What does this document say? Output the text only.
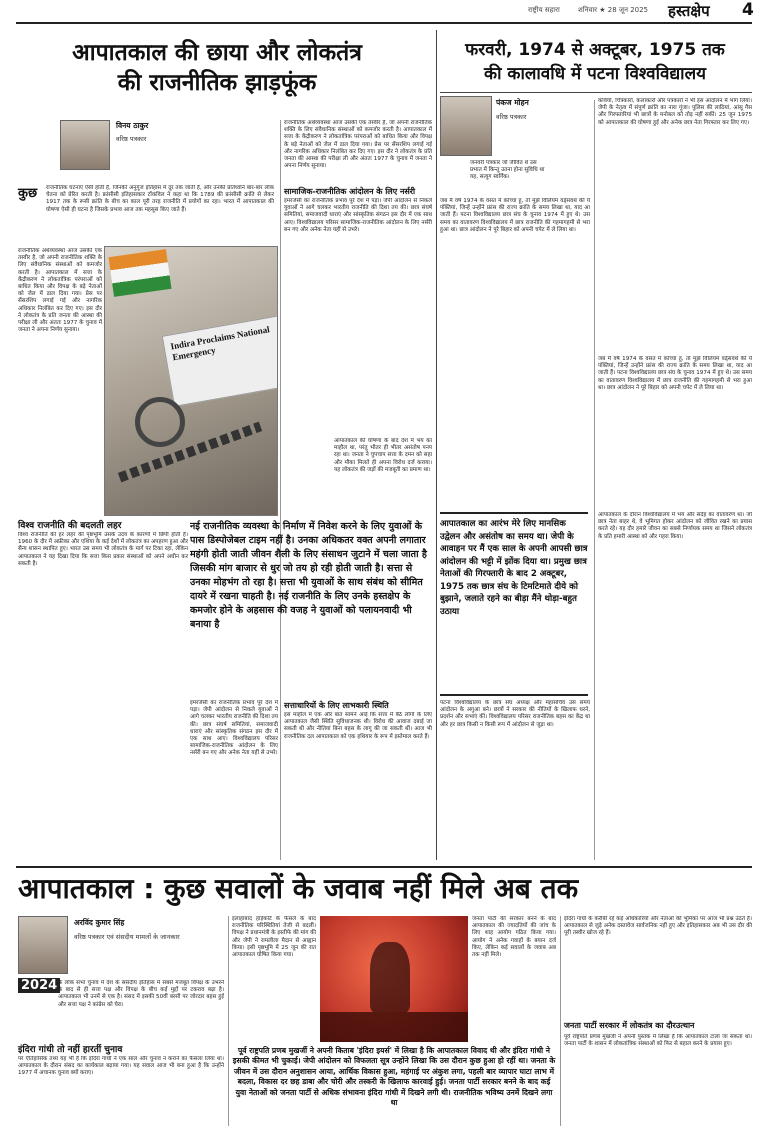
राष्ट्रीय सहारा	शनिवार ★ 28 जून 2025 हस्तक्षेप 4
आपातकाल की छाया और लोकतंत्र
की राजनीतिक झाड़फूंक
विनय ठाकुर
वरिष्ठ पत्रकार
कुछ राजनीतिक घटनाएं ऐसी होती हैं, जिनकी अनुगूंज इतिहास में दूर तक जाती है, और उनकी प्रतिध्वनि बार-बार लोक चेतना को प्रेरित करती है। फ्रांसीसी इतिहासकार टॉकविल ने कहा था कि 1789 की फ्रांसीसी क्रांति से लेकर 1917 तक के रूसी क्रांति के बीच का काल पूरी तरह राजनीति में प्रयोगों का रहा। भारत में आपातकाल की घोषणा ऐसी ही घटना है जिसके प्रभाव आज तक महसूस किए जाते हैं।
राजनीतिक अर्थव्यवस्था आज उसकी एक तस्वीर है, जो अपनी राजनीतिक शक्ति के लिए संवैधानिक संस्थाओं को कमजोर करती है। आपातकाल में सत्ता के केंद्रीकरण ने लोकतांत्रिक परंपराओं को बाधित किया और विपक्ष के बड़े नेताओं को जेल में डाल दिया गया। प्रेस पर सेंसरशिप लगाई गई और नागरिक अधिकार निलंबित कर दिए गए। इस दौर ने लोकतंत्र के प्रति जनता की आस्था की परीक्षा ली और अंततः 1977 के चुनाव में जनता ने अपना निर्णय सुनाया।
विश्व राजनीति की बदलती लहर
विश्व राजनीति की हर लहर की पृष्ठभूमि उसके उदय के कारणों में छिपी होती है। 1960 के दौर में अफ्रीका और एशिया के कई देशों में लोकतंत्र का अपहरण हुआ और सैन्य शासन स्थापित हुए। भारत उस समय भी लोकतंत्र के मार्ग पर टिका रहा, लेकिन आपातकाल ने यह दिखा दिया कि सत्ता किस प्रकार संस्थाओं को अपने अधीन कर सकती है।
Indira Proclaims National Emergency
राजनीतिक अर्थव्यवस्था आज उसकी एक तस्वीर है, जो अपनी राजनीतिक शक्ति के लिए संवैधानिक संस्थाओं को कमजोर करती है। आपातकाल में सत्ता के केंद्रीकरण ने लोकतांत्रिक परंपराओं को बाधित किया और विपक्ष के बड़े नेताओं को जेल में डाल दिया गया। प्रेस पर सेंसरशिप लगाई गई और नागरिक अधिकार निलंबित कर दिए गए। इस दौर ने लोकतंत्र के प्रति जनता की आस्था की परीक्षा ली और अंततः 1977 के चुनाव में जनता ने अपना निर्णय सुनाया।
सामाजिक-राजनीतिक आंदोलन के लिए नर्सरी
इमरजेंसी का राजनीतिक प्रभाव पूरे देश में पड़ा। जेपी आंदोलन से निकले युवाओं ने आगे चलकर भारतीय राजनीति की दिशा तय की। छात्र संघर्ष समितियां, समाजवादी धाराएं और सांस्कृतिक संगठन इस दौर में एक साथ आए। विश्वविद्यालय परिसर सामाजिक-राजनीतिक आंदोलन के लिए नर्सरी बन गए और अनेक नेता यहीं से उभरे।
नई राजनीतिक व्यवस्था के निर्माण में निवेश करने के लिए युवाओं के पास डिस्पोजेबल टाइम नहीं है। उनका अधिकतर वक्त अपनी लगातार महंगी होती जाती जीवन शैली के लिए संसाधन जुटाने में चला जाता है जिसकी मांग बाजार से धुर जो तय हो रही होती जाती है। सत्ता से उनका मोहभंग तो रहा है। सत्ता भी युवाओं के साथ संबंध को सीमित दायरे में रखना चाहती है। नई राजनीति के लिए उनके हस्तक्षेप के कमजोर होने के अहसास की वजह ने युवाओं को पलायनवादी भी बनाया है
आपातकाल की घोषणा के बाद देश में भय का माहौल था, परंतु भीतर ही भीतर असंतोष पनप रहा था। जनता ने चुपचाप सत्ता के दमन को सहा और मौका मिलते ही अपना विरोध दर्ज कराया। यह लोकतंत्र की जड़ों की मजबूती का प्रमाण था।
सत्ताधारियों के लिए लाभकारी स्थिति
इस माहौल में एक और बात सामने आई कि सत्ता में बैठे लोगों के लिए आपातकाल जैसी स्थिति सुविधाजनक थी। विरोध की आवाज दबाई जा सकती थी और नीतियां बिना बहस के लागू की जा सकती थीं। आज भी राजनीतिक दल आपातकाल को एक हथियार के रूप में इस्तेमाल करते हैं।
इमरजेंसी का राजनीतिक प्रभाव पूरे देश में पड़ा। जेपी आंदोलन से निकले युवाओं ने आगे चलकर भारतीय राजनीति की दिशा तय की। छात्र संघर्ष समितियां, समाजवादी धाराएं और सांस्कृतिक संगठन इस दौर में एक साथ आए। विश्वविद्यालय परिसर सामाजिक-राजनीतिक आंदोलन के लिए नर्सरी बन गए और अनेक नेता यहीं से उभरे।
फरवरी, 1974 से अक्टूबर, 1975 तक
की कालावधि में पटना विश्वविद्यालय
पंकज मोहन
वरिष्ठ पत्रकार
जनवरी पत्रकार जो जीवित थे उस प्रभात में किन्तु उतना होना सुविधि था यह, सत्युग स्वर्गिक।
जब मैं वर्ष 1974 के वसंत में कोच्चा हूं, तो मुझे विलियम वर्ड्सवर्थ की ये पंक्तियां, जिन्हें उन्होंने फ्रांस की राज्य क्रांति के समय लिखा था, याद आ जाती हैं। पटना विश्वविद्यालय छात्र संघ के चुनाव 1974 में हुए थे। उस समय का वातावरण विश्वविद्यालय में छात्र राजनीति की गहमागहमी से भरा हुआ था। छात्र आंदोलन ने पूरे बिहार को अपनी चपेट में ले लिया था।
कवियों, चित्रकारों, कलाकारों और पत्रकारों ने भी इस आंदोलन में भाग लिया। जेपी के नेतृत्व में संपूर्ण क्रांति का नारा गूंजा। पुलिस की लाठियां, आंसू गैस और गिरफ्तारियां भी छात्रों के मनोबल को तोड़ नहीं सकीं। 25 जून 1975 को आपातकाल की घोषणा हुई और अनेक छात्र नेता गिरफ्तार कर लिए गए।
जब मैं वर्ष 1974 के वसंत में कोच्चा हूं, तो मुझे विलियम वर्ड्सवर्थ की ये पंक्तियां, जिन्हें उन्होंने फ्रांस की राज्य क्रांति के समय लिखा था, याद आ जाती हैं। पटना विश्वविद्यालय छात्र संघ के चुनाव 1974 में हुए थे। उस समय का वातावरण विश्वविद्यालय में छात्र राजनीति की गहमागहमी से भरा हुआ था। छात्र आंदोलन ने पूरे बिहार को अपनी चपेट में ले लिया था।
आपातकाल का आरंभ मेरे लिए मानसिक उद्वेलन और असंतोष का समय था। जेपी के आवाहन पर मैं एक साल के अपनी आपसी छात्र आंदोलन की भट्टी में झोंक दिया था। प्रमुख छात्र नेताओं की गिरफ्तारी के बाद 2 अक्टूबर, 1975 तक छात्र संघ के टिमटिमाते दीये को बुझाने, जलाते रहने का बीड़ा मैंने थोड़ा-बहुत उठाया
पटना विश्वविद्यालय के छात्र संघ अध्यक्ष और महासचिव उस समय आंदोलन के अगुआ बने। छात्रों ने सरकार की नीतियों के खिलाफ धरने, प्रदर्शन और सभाएं कीं। विश्वविद्यालय परिसर राजनीतिक बहस का केंद्र था और हर छात्र किसी न किसी रूप में आंदोलन से जुड़ा था।
आपातकाल के दौरान विश्वविद्यालय में भय और संदेह का वातावरण था। जो छात्र नेता बाहर थे, वे भूमिगत होकर आंदोलन को जीवित रखने का प्रयास करते रहे। यह दौर हमारे जीवन का सबसे निर्णायक समय था जिसने लोकतंत्र के प्रति हमारी आस्था को और गहरा किया।
आपातकाल : कुछ सवालों के जवाब नहीं मिले अब तक
अरविंद कुमार सिंह
वरिष्ठ पत्रकार एवं संसदीय मामलों के जानकार
2024 के लोक सभा चुनाव में देश के संसदीय इतिहास में सबसे मजबूत विपक्ष के उभरने के बाद से ही सत्ता पक्ष और विपक्ष के बीच कई मुद्दों पर टकराव बढ़ा है। आपातकाल भी उनमें से एक है। संसद में इसकी 50वीं बरसी पर जोरदार बहस हुई और सत्ता पक्ष ने कांग्रेस को घेरा।
इंदिरा गांधी तो नहीं हारतीं चुनाव
पर ऐतिहासिक तथ्य यह भी है कि इंदिरा गांधी ने एक साल और चुनाव न कराने का फैसला लिया था। आपातकाल के दौरान संसद का कार्यकाल बढ़ाया गया। यह सवाल आज भी बना हुआ है कि उन्होंने 1977 में अचानक चुनाव क्यों कराए।
इलाहाबाद हाईकोर्ट के फैसले के बाद राजनीतिक परिस्थितियां तेजी से बदलीं। विपक्ष ने प्रधानमंत्री के इस्तीफे की मांग की और जेपी ने रामलीला मैदान से आह्वान किया। इसी पृष्ठभूमि में 25 जून की रात आपातकाल घोषित किया गया।
जनता पार्टी की सरकार बनने के बाद आपातकाल की ज्यादतियों की जांच के लिए शाह आयोग गठित किया गया। आयोग ने अनेक गवाहों के बयान दर्ज किए, लेकिन कई सवालों के जवाब अब तक नहीं मिले।
इंदिरा गांधी के करीबी रहे कई अधिकारियों और नेताओं की भूमिका पर आज भी प्रश्न उठते हैं। आपातकाल से जुड़े अनेक दस्तावेज सार्वजनिक नहीं हुए और इतिहासकार अब भी उस दौर की पूरी तस्वीर खोज रहे हैं।
जनता पार्टी सरकार में लोकतंत्र का दौरउत्थान
पूर्व राष्ट्रपति प्रणब मुखर्जी ने अपनी पुस्तक में लिखा है कि आपातकाल टाला जा सकता था। जनता पार्टी के शासन में लोकतांत्रिक संस्थाओं को फिर से बहाल करने के प्रयास हुए।
पूर्व राष्ट्रपति प्रणब मुखर्जी ने अपनी किताब 'इंदिरा इयर्स' में लिखा है कि आपातकाल विवाद थी और इंदिरा गांधी ने इसकी कीमत भी चुकाई। जेपी आंदोलन को विफलता सूत्र उन्होंने लिखा कि उस दौरान कुछ हुआ हो रहीं था। जनता के जीवन में उस दौरान अनुशासन आया, आर्थिक विकास हुआ, महंगाई पर अंकुश लगा, पहली बार व्यापार घाटा लाभ में बदला, विकास दर छह डाबा और चोरी और तस्करी के खिलाफ कारवाई हुई। जनता पार्टी सरकार बनने के बाद कई युवा नेताओं को जनता पार्टी से अधिक संभावना इंदिरा गांधी में दिखने लगी थी। राजनीतिक भविष्य उनमें दिखने लगा था
